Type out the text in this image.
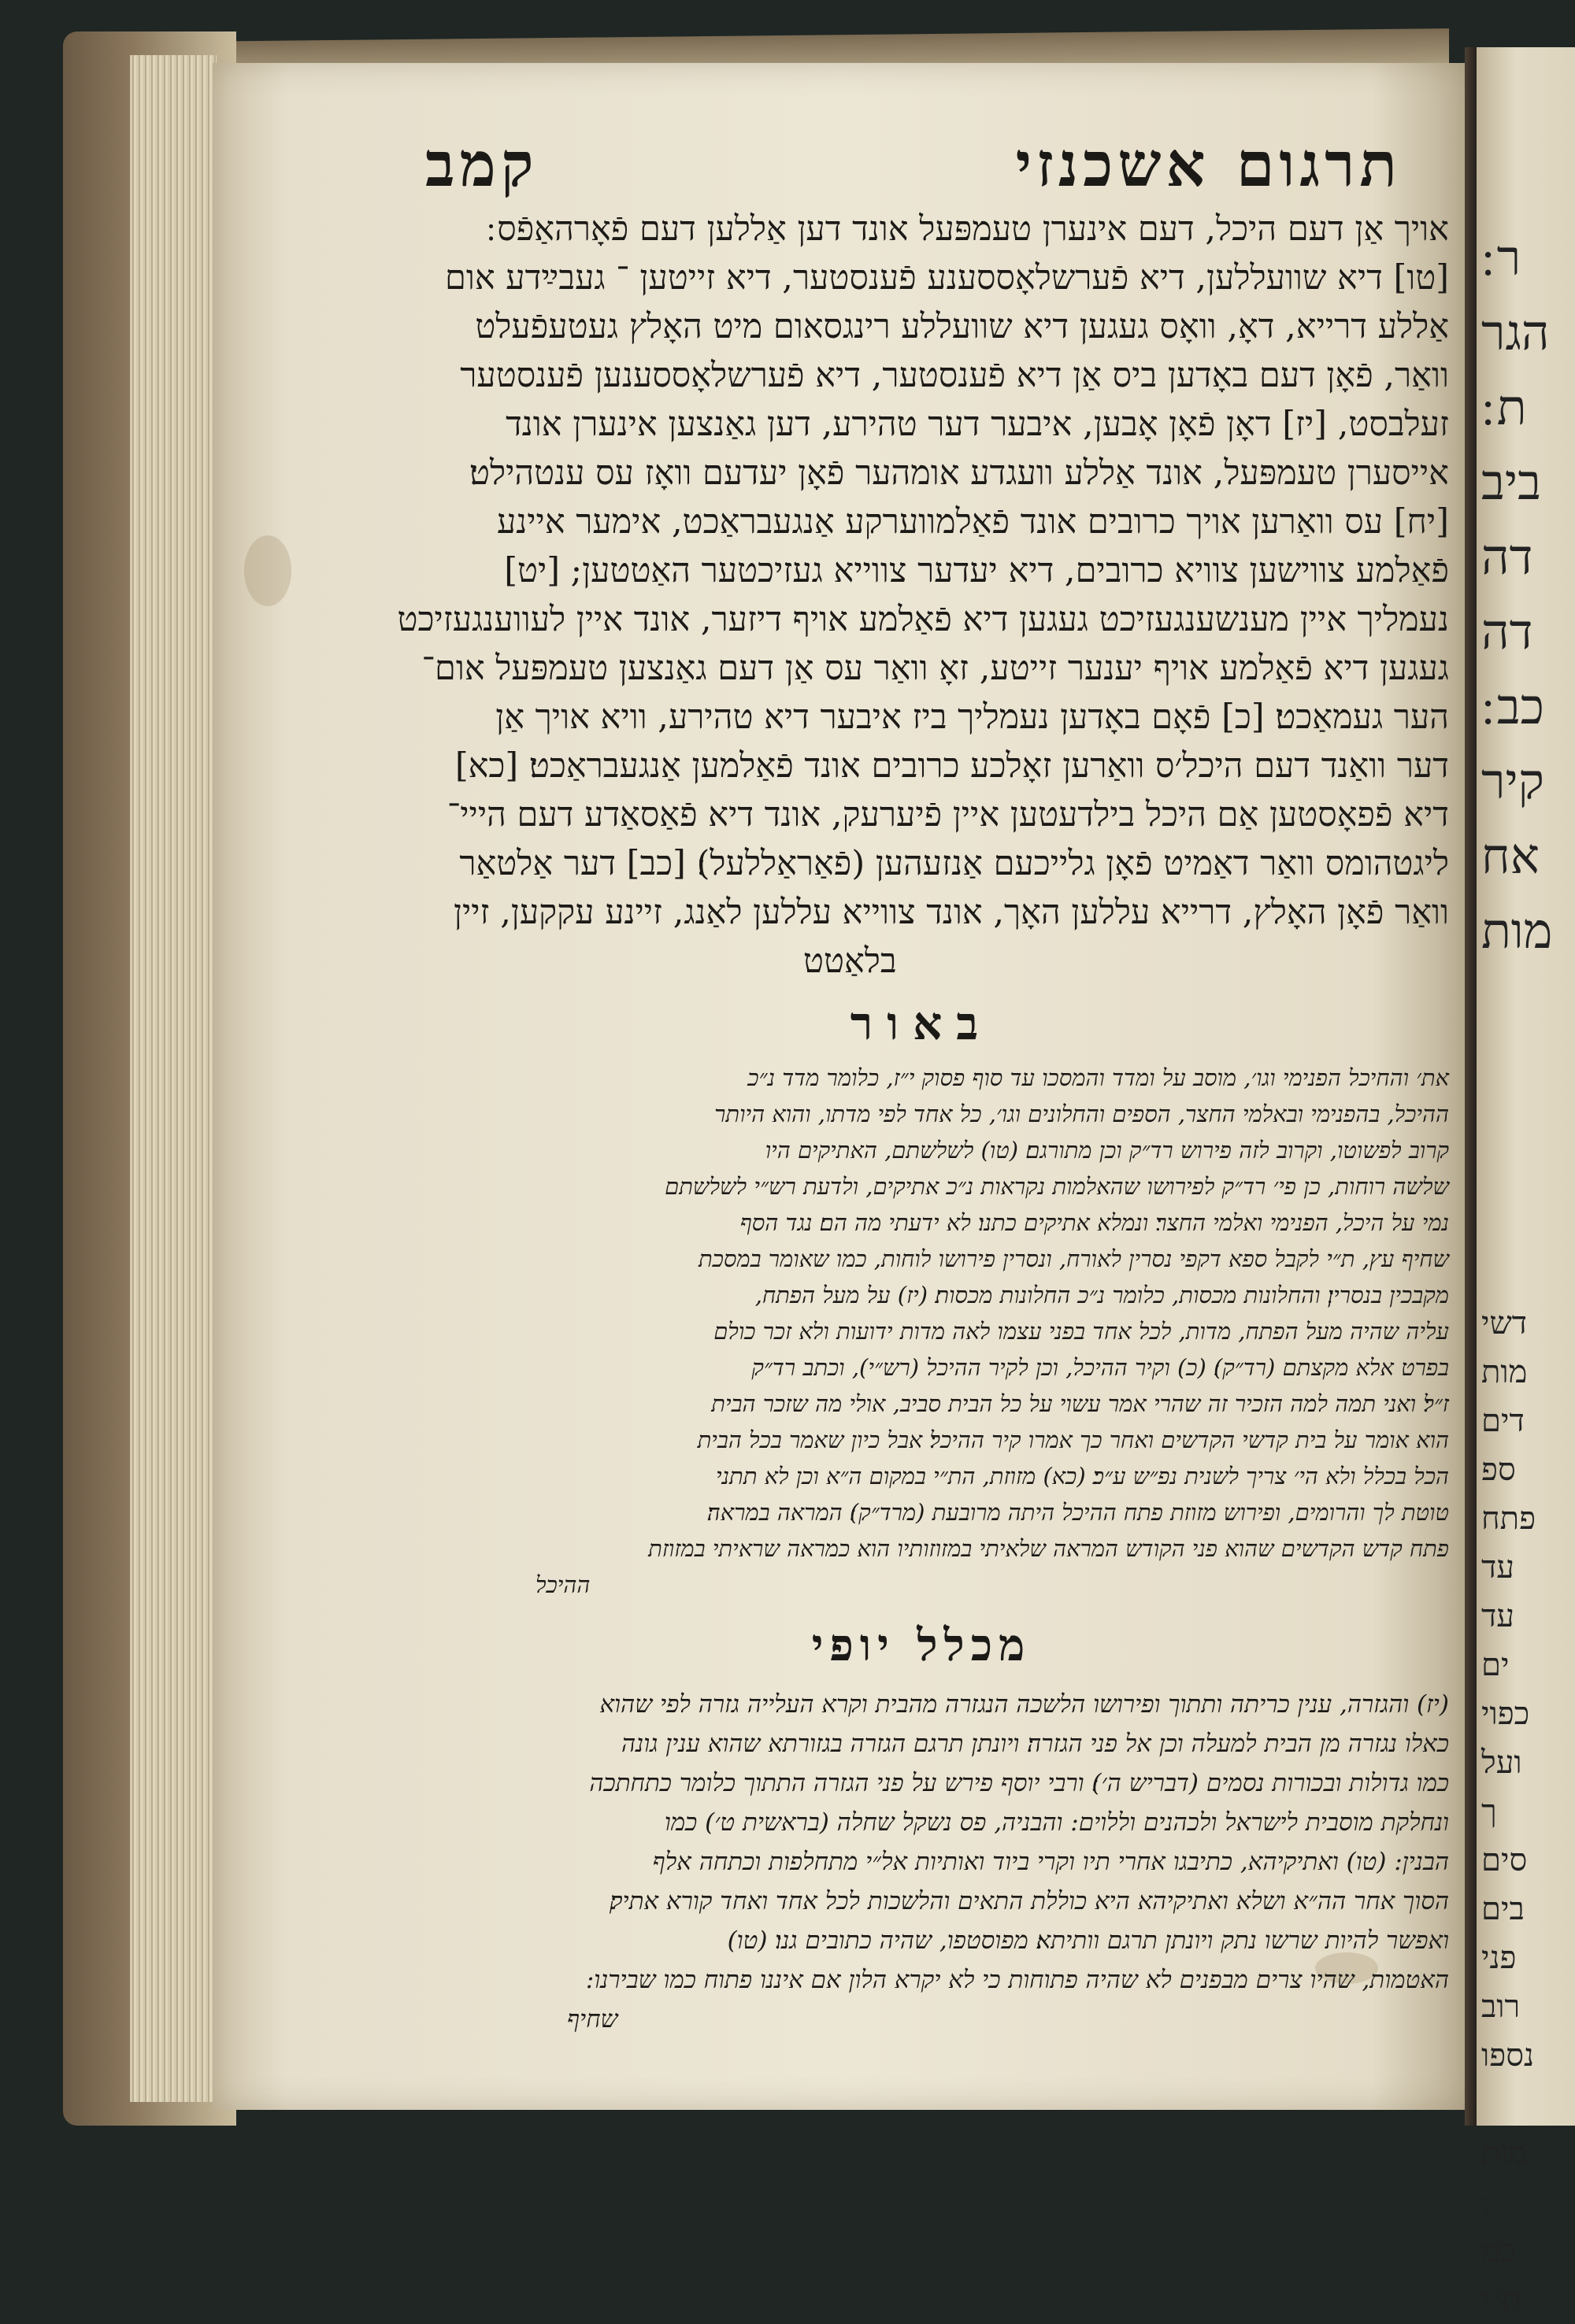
תרגום אשכנזי
קמב
אויך אַן דעם היכל, דעם אינערן טעמפּעל אונד דען אַללען דעם פֿאָרהאַפֿס ׃
[טו] דיא שוועללען, דיא פֿערשלאָססענע פֿענסטער, דיא זייטען ־ געבײַדע אום
אַללע דרייא, דאָ, וואָס געגען דיא שוועללע רינגסאום מיט האָלץ געטעפֿעלט
וואַר, פֿאָן דעם באָדען ביס אַן דיא פֿענסטער, דיא פֿערשלאָססענען פֿענסטער
זעלבסט, [יז] דאָן פֿאָן אָבען, איבער דער טהירע, דען גאַנצען אינערן אונד
אייסערן טעמפּעל, אונד אַללע וועגדע אומהער פֿאָן יעדעם וואָז עס ענטהילט׃
[יח] עס וואַרען אויך כרובים אונד פֿאַלמווערקע אַנגעבראַכט, אימער איינע
פֿאַלמע צווישען צוויא כרובים, דיא יעדער צווייא געזיכטער האַטטען; [יט]
נעמליך איין מענשענגעזיכט געגען דיא פֿאַלמע אויף דיזער, אונד איין לעווענגעזיכט
געגען דיא פֿאַלמע אויף יענער זייטע, זאָ וואַר עס אַן דעם גאַנצען טעמפּעל אום־
הער געמאַכט׃ [כ] פֿאָם באָדען נעמליך ביז איבער דיא טהירע, וויא אויך אַן
דער וואַנד דעם היכל׳ס וואַרען זאָלכע כרובים אונד פֿאַלמען אַנגעבראַכט׃ [כא]
דיא פֿפאָסטען אַם היכל בילדעטען איין פֿיערעק, אונד דיא פֿאַסאַדע דעם הייי־
ליגטהומס וואַר דאַמיט פֿאָן גלייכעם אַנזעהען (פֿאַראַללעל)׃ [כב] דער אַלטאַר
וואַר פֿאָן האָלץ, דרייא עללען האָך, אונד צווייא עללען לאַנג, זיינע עקקען, זיין
בלאַטט
באור
את׳ והחיכל הפנימי וגו׳, מוסב על ומדד והמסכו עד סוף פסוק י״ז, כלומר מדד נ״כ
ההיכל, בהפנימי ובאלמי החצר, הספים והחלונים וגו׳, כל אחד לפי מדתו, והוא היותר
קרוב לפשוטו, וקרוב לזה פירוש רד״ק וכן מתורגם׃ (טו) לשלשתם, האתיקים היו
שלשה רוחות, כן פי׳ רד״ק לפירושו שהאלמות נקראות נ״כ אתיקים, ולדעת רש״י לשלשתם
נמי על היכל, הפנימי ואלמי החצר׃ ונמלא אתיקים כתנו׃ לא ידעתי מה הם׃ נגד הסף
שחיף עץ, ת״י לקבל ספא דקפי נסרין לאורח, ונסרין פירושו לוחות, כמו שאומר במסכת
מקבכין בנסרין׃ והחלונות מכסות, כלומר נ״כ החלונות מכסות׃ (יז) על מעל הפתח,
עליה שהיה מעל הפתח, מדות, לכל אחד בפני עצמו לאה מדות ידועות ולא זכר כולם
בפרט אלא מקצתם (רד״ק)׃ (כ) וקיר ההיכל, וכן לקיר ההיכל (רש״י), וכתב רד״ק
ז״ל׃ ואני תמה למה הזכיר זה שהרי אמר עשוי על כל הבית סביב, אולי מה שזכר הבית
הוא אומר על בית קדשי הקדשים ואחר כך אמרו קיר ההיכל׃ אבל כיון שאמר בכל הבית
הכל בכלל ולא הי׳ צריך לשנית נפ״ש ע״כ׃ (כא) מזוזת, הת״י במקום ה״א וכן לא תתני
טוטת לך והרומים, ופירוש מזוזת פתח ההיכל היתה מרובעת (מרד״ק)׃ המראה במראה׃
פתח קדש הקדשים שהוא פני הקודש המראה שלאיתי במזוזותיו הוא כמראה שראיתי במזוזת
ההיכל
מכלל יופי
(יז) והגזרה, ענין כריתה ותתוך ופירושו הלשכה הנגזרה מהבית וקרא העלייה גזרה לפי שהוא
כאלו נגזרה מן הבית למעלה וכן אל פני הגזרה׃ ויונתן תרגם הגזרה בגזורתא שהוא ענין גונה
כמו גדולות ובכורות נסמים (דבריש ה׳)׃ ורבי יוסף פירש על פני הגזרה התתוך כלומר כתחתכה
ונחלקת מוסבית לישראל ולכהנים וללוים: והבניה, פס נשקל שחלה (בראשית ט׳) כמו
הבנין: (טו) ואתיקיהא, כתיבגו אחרי תיו וקרי ביוד ואותיות אל״י מתחלפות וכתחה אלף
הסוך אחר הה״א ושלא ואתיקיהא היא כוללת התאים והלשכות לכל אחד ואחד קורא אתיק׃
ואפשר להיות שרשו נתק ויונתן תרגם וותיתא׃ מפוסטפו, שהיה כתובים גנו׃ (טו)
האטמות, שהיו צרים מבפנים לא שהיה פתוחות כי לא יקרא הלון אם איננו פתוח כמו שבירנו:
שחיף
ר ׃
הגר
ת ׃
ביב
דה
דה
כב ׃
קיר
אח
מות
דשי
מות
דים
ספ
פתח
עד
עד
ים
כפוי
ועל
ך
סים
בים
פני
רוב
נספו
מות
כמ
ת״י
